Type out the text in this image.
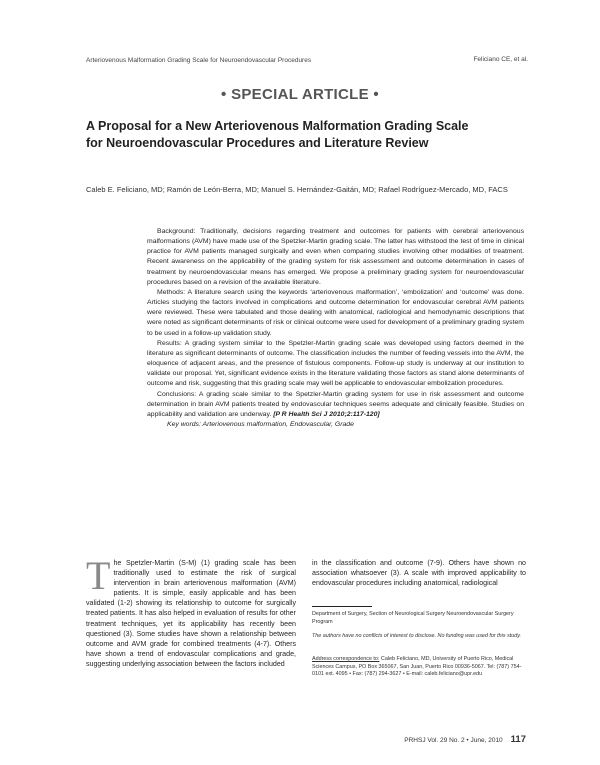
Arteriovenous Malformation Grading Scale for Neuroendovascular Procedures	Feliciano CE, et al.
• SPECIAL ARTICLE •
A Proposal for a New Arteriovenous Malformation Grading Scale for Neuroendovascular Procedures and Literature Review
Caleb E. Feliciano, MD; Ramón de León-Berra, MD; Manuel S. Hernández-Gaitán, MD; Rafael Rodríguez-Mercado, MD, FACS

Background: Traditionally, decisions regarding treatment and outcomes for patients with cerebral arteriovenous malformations (AVM) have made use of the Spetzler-Martin grading scale. The latter has withstood the test of time in clinical practice for AVM patients managed surgically and even when comparing studies involving other modalities of treatment. Recent awareness on the applicability of the grading system for risk assessment and outcome determination in cases of treatment by neuroendovascular means has emerged. We propose a preliminary grading system for neuroendovascular procedures based on a revision of the available literature.

Methods: A literature search using the keywords ‘arteriovenous malformation’, ‘embolization’ and ‘outcome’ was done. Articles studying the factors involved in complications and outcome determination for endovascular cerebral AVM patients were reviewed. These were tabulated and those dealing with anatomical, radiological and hemodynamic descriptions that were noted as significant determinants of risk or clinical outcome were used for development of a preliminary grading system to be used in a follow-up validation study.

Results: A grading system similar to the Spetzler-Martin grading scale was developed using factors deemed in the literature as significant determinants of outcome. The classification includes the number of feeding vessels into the AVM, the eloquence of adjacent areas, and the presence of fistulous components. Follow-up study is underway at our institution to validate our proposal. Yet, significant evidence exists in the literature validating those factors as stand alone determinants of outcome and risk, suggesting that this grading scale may well be applicable to endovascular embolization procedures.

Conclusions: A grading scale similar to the Spetzler-Martin grading system for use in risk assessment and outcome determination in brain AVM patients treated by endovascular techniques seems adequate and clinically feasible. Studies on applicability and validation are underway. [P R Health Sci J 2010;2:117-120]

Key words: Arteriovenous malformation, Endovascular, Grade

The Spetzler-Martin (S-M) (1) grading scale has been traditionally used to estimate the risk of surgical intervention in brain arteriovenous malformation (AVM) patients. It is simple, easily applicable and has been validated (1-2) showing its relationship to outcome for surgically treated patients. It has also helped in evaluation of results for other treatment techniques, yet its applicability has recently been questioned (3). Some studies have shown a relationship between outcome and AVM grade for combined treatments (4-7). Others have shown a trend of endovascular complications and grade, suggesting underlying association between the factors included
in the classification and outcome (7-9). Others have shown no association whatsoever (3). A scale with improved applicability to endovascular procedures including anatomical, radiological
Department of Surgery, Section of Neurological Surgery Neuroendovascular Surgery Program
The authors have no conflicts of interest to disclose. No funding was used for this study.
Address correspondence to: Caleb Feliciano, MD, University of Puerto Rico, Medical Sciences Campus, PO Box 365067, San Juan, Puerto Rico 00936-5067. Tel: (787) 754-0101 ext. 4095 • Fax: (787) 294-3627 • E-mail: caleb.feliciano@upr.edu
PRHSJ Vol. 29 No. 2 • June, 2010 117
